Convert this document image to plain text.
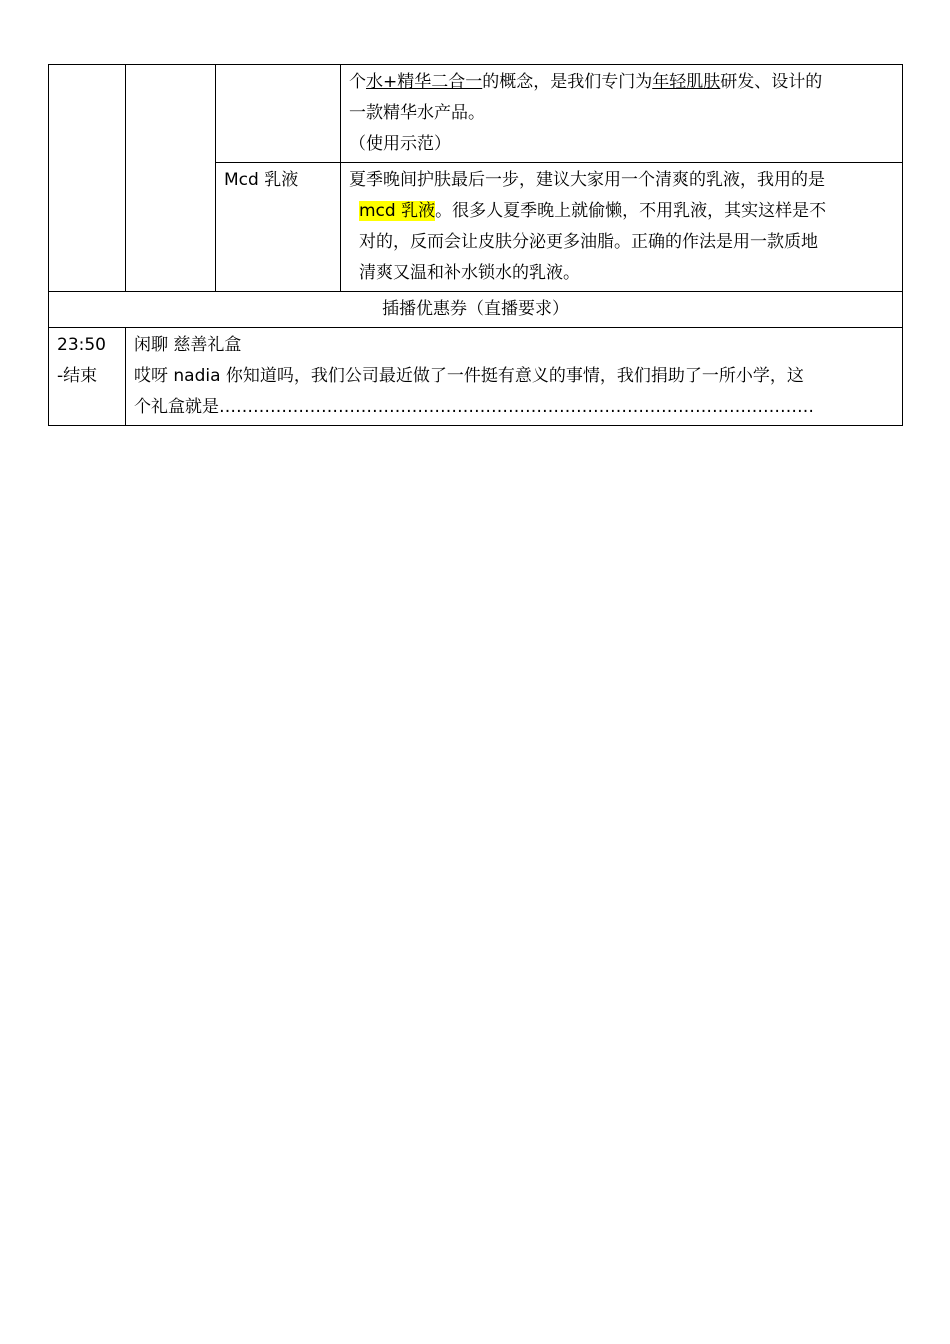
			个水+精华二合一的概念，是我们专门为年轻肌肤研发、设计的
一款精华水产品。
（使用示范）

		Mcd 乳液	夏季晚间护肤最后一步，建议大家用一个清爽的乳液，我用的是
mcd 乳液。很多人夏季晚上就偷懒，不用乳液，其实这样是不
对的，反而会让皮肤分泌更多油脂。正确的作法是用一款质地
清爽又温和补水锁水的乳液。

插播优惠券（直播要求）			

23:50
-结束	闲聊 慈善礼盒
哎呀 nadia 你知道吗，我们公司最近做了一件挺有意义的事情，我们捐助了一所小学，这
个礼盒就是……………………………………………………………………………………………		
